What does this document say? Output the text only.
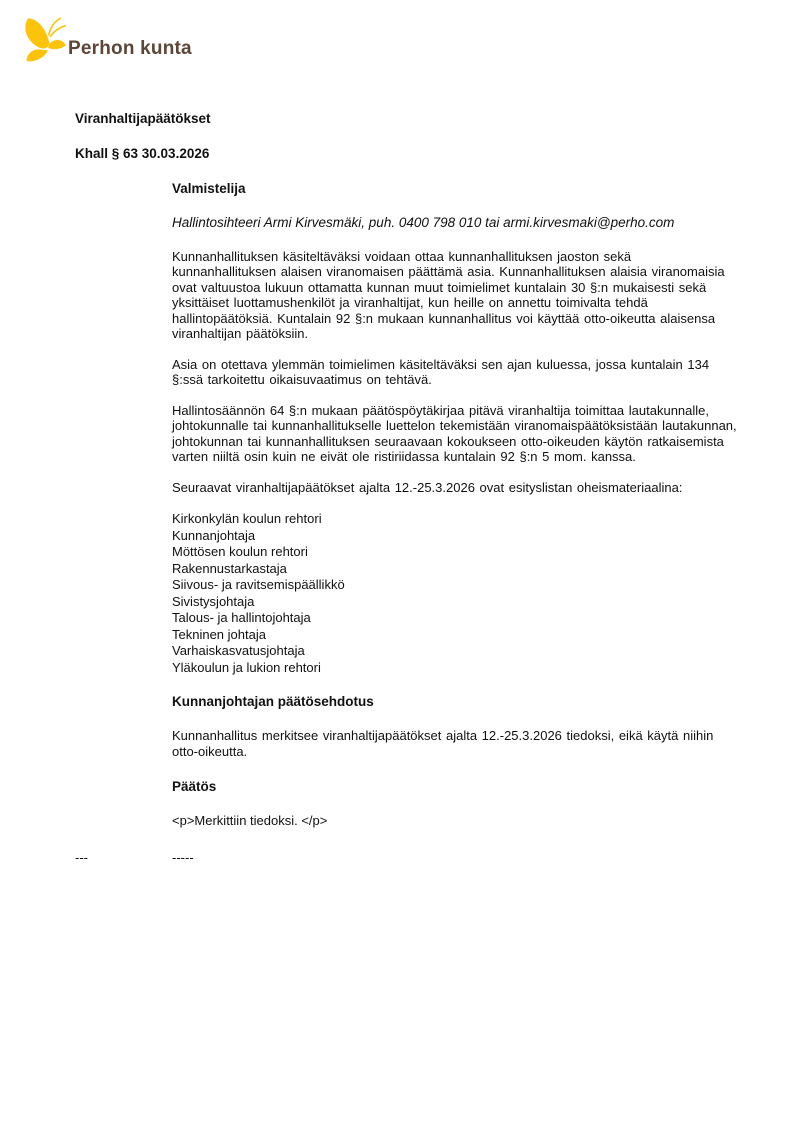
Perhon kunta
Viranhaltijapäätökset
Khall § 63 30.03.2026
Valmistelija
Hallintosihteeri Armi Kirvesmäki, puh. 0400 798 010 tai armi.kirvesmaki@perho.com

Kunnanhallituksen käsiteltäväksi voidaan ottaa kunnanhallituksen jaoston sekä kunnanhallituksen alaisen viranomaisen päättämä asia. Kunnanhallituksen alaisia viranomaisia ovat valtuustoa lukuun ottamatta kunnan muut toimielimet kuntalain 30 §:n mukaisesti sekä yksittäiset luottamushenkilöt ja viranhaltijat, kun heille on annettu toimivalta tehdä hallintopäätöksiä. Kuntalain 92 §:n mukaan kunnanhallitus voi käyttää otto-oikeutta alaisensa viranhaltijan päätöksiin.

Asia on otettava ylemmän toimielimen käsiteltäväksi sen ajan kuluessa, jossa kuntalain 134 §:ssä tarkoitettu oikaisuvaatimus on tehtävä.

Hallintosäännön 64 §:n mukaan päätöspöytäkirjaa pitävä viranhaltija toimittaa lautakunnalle, johtokunnalle tai kunnanhallitukselle luettelon tekemistään viranomaispäätöksistään lautakunnan, johtokunnan tai kunnanhallituksen seuraavaan kokoukseen otto-oikeuden käytön ratkaisemista varten niiltä osin kuin ne eivät ole ristiriidassa kuntalain 92 §:n 5 mom. kanssa.

Seuraavat viranhaltijapäätökset ajalta 12.-25.3.2026 ovat esityslistan oheismateriaalina:

Kirkonkylän koulun rehtori
Kunnanjohtaja
Möttösen koulun rehtori
Rakennustarkastaja
Siivous- ja ravitsemispäällikkö
Sivistysjohtaja
Talous- ja hallintojohtaja
Tekninen johtaja
Varhaiskasvatusjohtaja
Yläkoulun ja lukion rehtori
Kunnanjohtajan päätösehdotus

Kunnanhallitus merkitsee viranhaltijapäätökset ajalta 12.-25.3.2026 tiedoksi, eikä käytä niihin otto-oikeutta.

Päätös

<p>Merkittiin tiedoksi. </p>

---	-----
